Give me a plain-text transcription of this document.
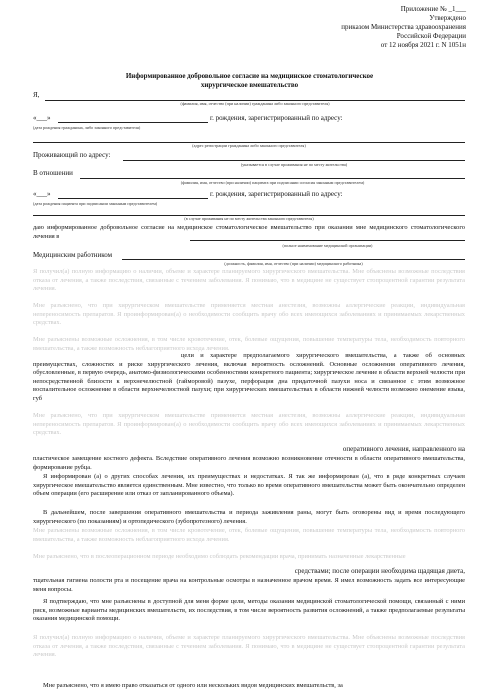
Приложение № _1___
Утверждено
приказом Министерства здравоохранения
Российской Федерации
от 12 ноября 2021 г. N 1051н
Информированное добровольное согласие на медицинское стоматологическое
хирургическое вмешательство
Я,
(фамилия, имя, отчество (при наличии) гражданина либо законного представителя)
«___»	г. рождения, зарегистрированный по адресу:
(дата рождения гражданина, либо законного представителя)
(адрес регистрации гражданина либо законного представителя)
Проживающий по адресу:
(указывается в случае проживания не по месту жительства)
В отношении
(фамилия, имя, отчество (при наличии) пациента при подписании согласия законным представителем)
«___»	г. рождения, зарегистрированный по адресу:
(дата рождения пациента при подписании законным представителем)
(в случае проживания не по месту жительства законного представителя)
даю информированное добровольное согласие на медицинское стоматологическое вмешательство при оказании мне медицинского стоматологического лечения в
(полное наименование медицинской организации)
Медицинским работником
(должность, фамилия, имя, отчество (при наличии) медицинского работника)
Я получил(а) полную информацию о наличии, объеме и характере планируемого хирургического вмешательства. Мне объяснены возможные последствия отказа от лечения, а также последствия, связанные с течением заболевания. Я понимаю, что в медицине не существует стопроцентной гарантии результата лечения.
Мне разъяснено, что при хирургическом вмешательстве применяется местная анестезия, возможны аллергические реакции, индивидуальная непереносимость препаратов. Я проинформирован(а) о необходимости сообщить врачу обо всех имеющихся заболеваниях и принимаемых лекарственных средствах.
Мне разъяснены возможные осложнения, в том числе кровотечение, отек, болевые ощущения, повышение температуры тела, необходимость повторного вмешательства, а также возможность неблагоприятного исхода лечения.
цели и характере предполагаемого хирургического вмешательства, а также об основных преимуществах, сложностях и риске хирургического лечения, включая вероятность осложнений. Основные осложнения оперативного лечения, обусловленные, в первую очередь, анатомо-физиологическими особенностями конкретного пациента; хирургическое лечение в области верхней челюсти при непосредственной близости к верхнечелюстной (гайморовой) пазухе, перфорация дна придаточной пазухи носа и связанное с этим возможное воспалительное осложнение в области верхнечелюстной пазухи; при хирургических вмешательствах в области нижней челюсти возможно онемение языка, губ
Мне разъяснено, что при хирургическом вмешательстве применяется местная анестезия, возможны аллергические реакции, индивидуальная непереносимость препаратов. Я проинформирован(а) о необходимости сообщить врачу обо всех имеющихся заболеваниях и принимаемых лекарственных средствах.
оперативного лечения, направленного на
пластическое замещение костного дефекта. Вследствие оперативного лечения возможно возникновение отечности в области оперативного вмешательства, формирование рубца.
Я информирован (а) о других способах лечения, их преимуществах и недостатках. Я так же информирован (а), что в ряде конкретных случаев хирургическое вмешательство является единственным. Мне известно, что только во время оперативного вмешательства может быть окончательно определен объем операции (его расширение или отказ от запланированного объема).
В дальнейшем, после завершения оперативного вмешательства и периода заживления раны, могут быть оговорены вид и время последующего хирургического (по показаниям) и ортопедического (зубопротезного) лечения.
Мне разъяснены возможные осложнения, в том числе кровотечение, отек, болевые ощущения, повышение температуры тела, необходимость повторного вмешательства, а также возможность неблагоприятного исхода лечения.
Мне разъяснено, что в послеоперационном периоде необходимо соблюдать рекомендации врача, принимать назначенные лекарственные
средствами; после операции необходима щадящая диета,
тщательная гигиена полости рта и посещение врача на контрольные осмотры в назначенное врачом время. Я имел возможность задать все интересующие меня вопросы.
Я подтверждаю, что мне разъяснены в доступной для меня форме цели, методы оказания медицинской стоматологической помощи, связанный с ними риск, возможные варианты медицинских вмешательств, их последствия, в том числе вероятность развития осложнений, а также предполагаемые результаты оказания медицинской помощи.
Я получил(а) полную информацию о наличии, объеме и характере планируемого хирургического вмешательства. Мне объяснены возможные последствия отказа от лечения, а также последствия, связанные с течением заболевания. Я понимаю, что в медицине не существует стопроцентной гарантии результата лечения.
Мне разъяснено, что я имею право отказаться от одного или нескольких видов медицинских вмешательств, за
